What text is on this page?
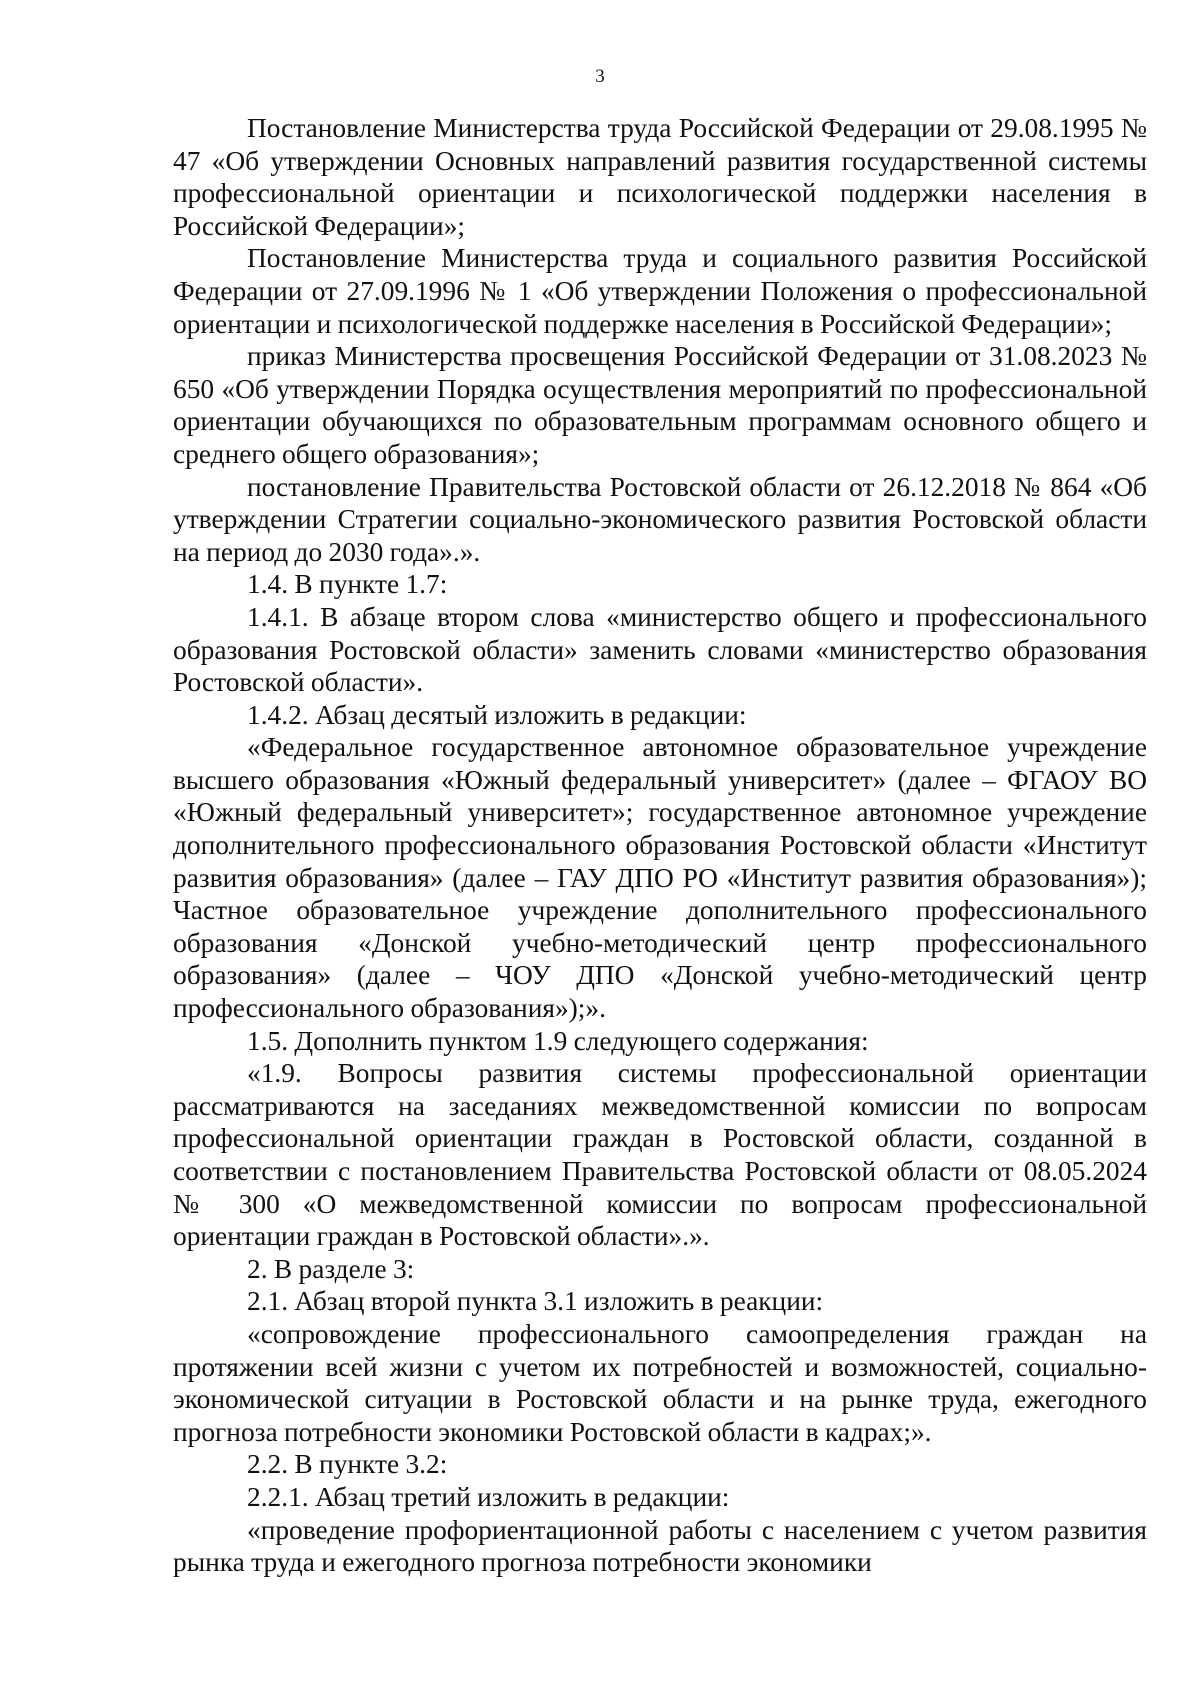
3

Постановление Министерства труда Российской Федерации от 29.08.1995 № 47 «Об утверждении Основных направлений развития государственной системы профессиональной ориентации и психологической поддержки населения в Российской Федерации»;

Постановление Министерства труда и социального развития Российской Федерации от 27.09.1996 № 1 «Об утверждении Положения о профессиональной ориентации и психологической поддержке населения в Российской Федерации»;

приказ Министерства просвещения Российской Федерации от 31.08.2023 № 650 «Об утверждении Порядка осуществления мероприятий по профессиональной ориентации обучающихся по образовательным программам основного общего и среднего общего образования»;

постановление Правительства Ростовской области от 26.12.2018 № 864 «Об утверждении Стратегии социально-экономического развития Ростовской области на период до 2030 года».».

1.4. В пункте 1.7:

1.4.1. В абзаце втором слова «министерство общего и профессионального образования Ростовской области» заменить словами «министерство образования Ростовской области».

1.4.2. Абзац десятый изложить в редакции:

«Федеральное государственное автономное образовательное учреждение высшего образования «Южный федеральный университет» (далее – ФГАОУ ВО «Южный федеральный университет»; государственное автономное учреждение дополнительного профессионального образования Ростовской области «Институт развития образования» (далее – ГАУ ДПО РО «Институт развития образования»); Частное образовательное учреждение дополнительного профессионального образования «Донской учебно-методический центр профессионального образования» (далее – ЧОУ ДПО «Донской учебно-методический центр профессионального образования»);».

1.5. Дополнить пунктом 1.9 следующего содержания:

«1.9. Вопросы развития системы профессиональной ориентации рассматриваются на заседаниях межведомственной комиссии по вопросам профессиональной ориентации граждан в Ростовской области, созданной в соответствии с постановлением Правительства Ростовской области от 08.05.2024 № 300 «О межведомственной комиссии по вопросам профессиональной ориентации граждан в Ростовской области».».

2. В разделе 3:

2.1. Абзац второй пункта 3.1 изложить в реакции:

«сопровождение профессионального самоопределения граждан на протяжении всей жизни с учетом их потребностей и возможностей, социально-экономической ситуации в Ростовской области и на рынке труда, ежегодного прогноза потребности экономики Ростовской области в кадрах;».

2.2. В пункте 3.2:

2.2.1. Абзац третий изложить в редакции:

«проведение профориентационной работы с населением с учетом развития рынка труда и ежегодного прогноза потребности экономики
